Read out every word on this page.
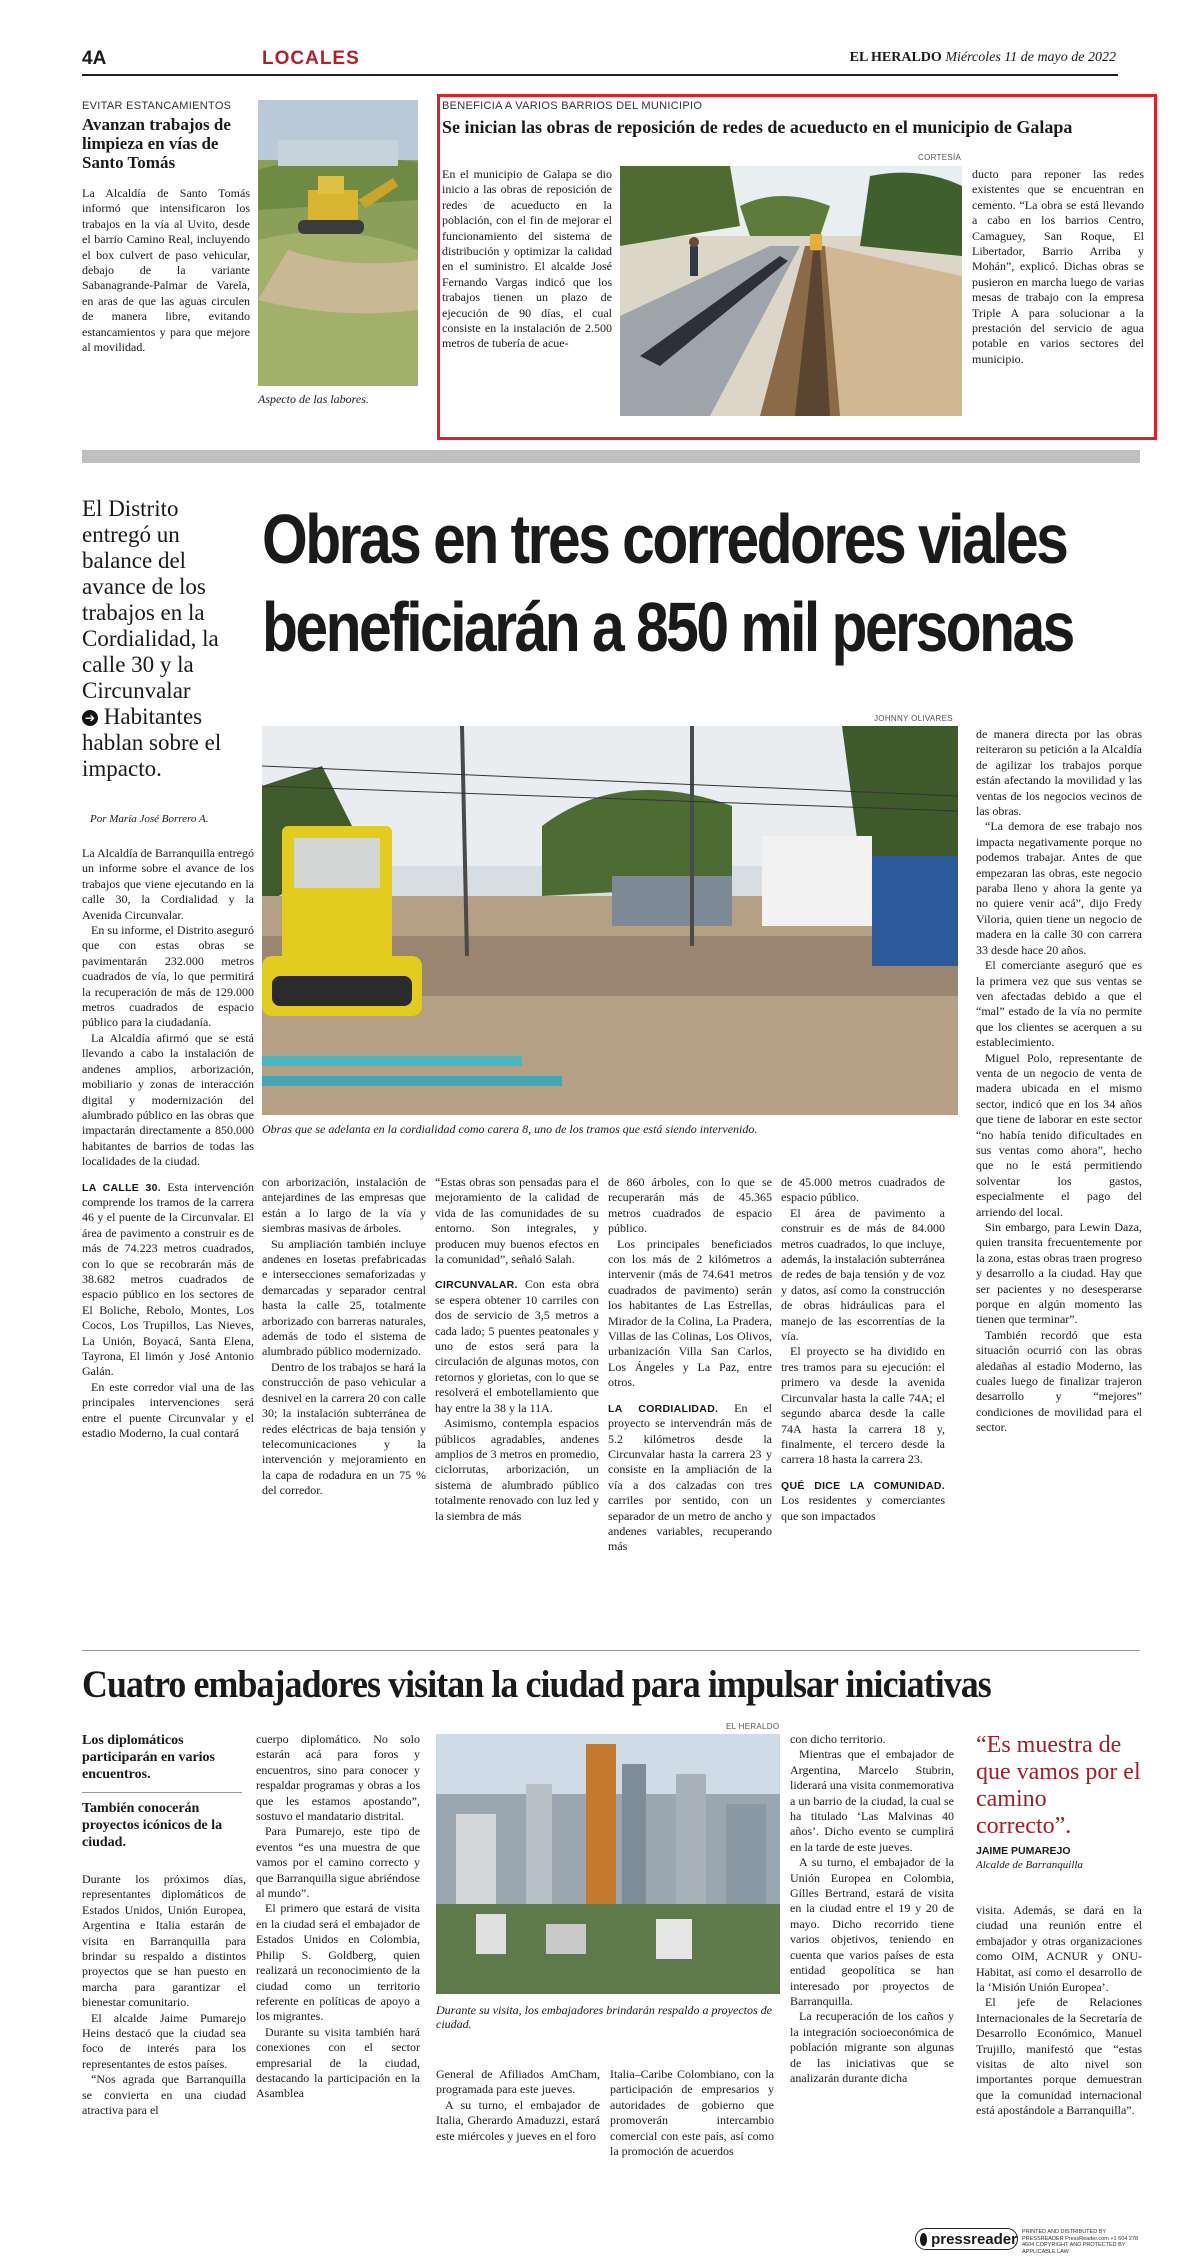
4A	LOCALES	EL HERALDO Miércoles 11 de mayo de 2022
EVITAR ESTANCAMIENTOS
Avanzan trabajos de limpieza en vías de Santo Tomás

La Alcaldía de Santo Tomás informó que intensificaron los trabajos en la vía al Uvito, desde el barrio Camino Real, incluyendo el box culvert de paso vehicular, debajo de la variante Sabanagrande-Palmar de Varela, en aras de que las aguas circulen de manera libre, evitando estancamientos y para que mejore al movilidad.

Aspecto de las labores.
BENEFICIA A VARIOS BARRIOS DEL MUNICIPIO
Se inician las obras de reposición de redes de acueducto en el municipio de Galapa
CORTESÍA

En el municipio de Galapa se dio inicio a las obras de reposición de redes de acueducto en la población, con el fin de mejorar el funcionamiento del sistema de distribución y optimizar la calidad en el suministro. El alcalde José Fernando Vargas indicó que los trabajos tienen un plazo de ejecución de 90 días, el cual consiste en la instalación de 2.500 metros de tubería de acue-

ducto para reponer las redes existentes que se encuentran en cemento. “La obra se está llevando a cabo en los barrios Centro, Camaguey, San Roque, El Libertador, Barrio Arriba y Mohán”, explicó. Dichas obras se pusieron en marcha luego de varias mesas de trabajo con la empresa Triple A para solucionar a la prestación del servicio de agua potable en varios sectores del municipio.

El Distrito entregó un balance del avance de los trabajos en la Cordialidad, la calle 30 y la Circunvalar
➔ Habitantes hablan sobre el impacto.
Obras en tres corredores viales
beneficiarán a 850 mil personas
Por María José Borrero A.
JOHNNY OLIVARES
Obras que se adelanta en la cordialidad como carera 8, uno de los tramos que está siendo intervenido.

La Alcaldía de Barranquilla entregó un informe sobre el avance de los trabajos que viene ejecutando en la calle 30, la Cordialidad y la Avenida Circunvalar.

En su informe, el Distrito aseguró que con estas obras se pavimentarán 232.000 metros cuadrados de vía, lo que permitirá la recuperación de más de 129.000 metros cuadrados de espacio público para la ciudadanía.

La Alcaldía afirmó que se está llevando a cabo la instalación de andenes amplios, arborización, mobiliario y zonas de interacción digital y modernización del alumbrado público en las obras que impactarán directamente a 850.000 habitantes de barrios de todas las localidades de la ciudad.

LA CALLE 30. Esta intervención comprende los tramos de la carrera 46 y el puente de la Circunvalar. El área de pavimento a construir es de más de 74.223 metros cuadrados, con lo que se recobrarán más de 38.682 metros cuadrados de espacio público en los sectores de El Boliche, Rebolo, Montes, Los Cocos, Los Trupillos, Las Nieves, La Unión, Boyacá, Santa Elena, Tayrona, El limón y José Antonio Galán.

En este corredor vial una de las principales intervenciones será entre el puente Circunvalar y el estadio Moderno, la cual contará

con arborización, instalación de antejardines de las empresas que están a lo largo de la vía y siembras masivas de árboles.

Su ampliación también incluye andenes en losetas prefabricadas e intersecciones semaforizadas y demarcadas y separador central hasta la calle 25, totalmente arborizado con barreras naturales, además de todo el sistema de alumbrado público modernizado.

Dentro de los trabajos se hará la construcción de paso vehicular a desnivel en la carrera 20 con calle 30; la instalación subterránea de redes eléctricas de baja tensión y telecomunicaciones y la intervención y mejoramiento en la capa de rodadura en un 75 % del corredor.

“Estas obras son pensadas para el mejoramiento de la calidad de vida de las comunidades de su entorno. Son integrales, y producen muy buenos efectos en la comunidad”, señaló Salah.

CIRCUNVALAR. Con esta obra se espera obtener 10 carriles con dos de servicio de 3,5 metros a cada lado; 5 puentes peatonales y uno de estos será para la circulación de algunas motos, con retornos y glorietas, con lo que se resolverá el embotellamiento que hay entre la 38 y la 11A.

Asimismo, contempla espacios públicos agradables, andenes amplios de 3 metros en promedio, ciclorrutas, arborización, un sistema de alumbrado público totalmente renovado con luz led y la siembra de más

de 860 árboles, con lo que se recuperarán más de 45.365 metros cuadrados de espacio público.

Los principales beneficiados con los más de 2 kilómetros a intervenir (más de 74.641 metros cuadrados de pavimento) serán los habitantes de Las Estrellas, Mirador de la Colina, La Pradera, Villas de las Colinas, Los Olivos, urbanización Villa San Carlos, Los Ángeles y La Paz, entre otros.

LA CORDIALIDAD. En el proyecto se intervendrán más de 5.2 kilómetros desde la Circunvalar hasta la carrera 23 y consiste en la ampliación de la vía a dos calzadas con tres carriles por sentido, con un separador de un metro de ancho y andenes variables, recuperando más

de 45.000 metros cuadrados de espacio público.

El área de pavimento a construir es de más de 84.000 metros cuadrados, lo que incluye, además, la instalación subterránea de redes de baja tensión y de voz y datos, así como la construcción de obras hidráulicas para el manejo de las escorrentías de la vía.

El proyecto se ha dividido en tres tramos para su ejecución: el primero va desde la avenida Circunvalar hasta la calle 74A; el segundo abarca desde la calle 74A hasta la carrera 18 y, finalmente, el tercero desde la carrera 18 hasta la carrera 23.

QUÉ DICE LA COMUNIDAD. Los residentes y comerciantes que son impactados

de manera directa por las obras reiteraron su petición a la Alcaldía de agilizar los trabajos porque están afectando la movilidad y las ventas de los negocios vecinos de las obras.

“La demora de ese trabajo nos impacta negativamente porque no podemos trabajar. Antes de que empezaran las obras, este negocio paraba lleno y ahora la gente ya no quiere venir acá”, dijo Fredy Viloria, quien tiene un negocio de madera en la calle 30 con carrera 33 desde hace 20 años.

El comerciante aseguró que es la primera vez que sus ventas se ven afectadas debido a que el “mal” estado de la vía no permite que los clientes se acerquen a su establecimiento.

Miguel Polo, representante de venta de un negocio de venta de madera ubicada en el mismo sector, indicó que en los 34 años que tiene de laborar en este sector “no había tenido dificultades en sus ventas como ahora”, hecho que no le está permitiendo solventar los gastos, especialmente el pago del arriendo del local.

Sin embargo, para Lewin Daza, quien transita frecuentemente por la zona, estas obras traen progreso y desarrollo a la ciudad. Hay que ser pacientes y no desesperarse porque en algún momento las tienen que terminar”.

También recordó que esta situación ocurrió con las obras aledañas al estadio Moderno, las cuales luego de finalizar trajeron desarrollo y “mejores” condiciones de movilidad para el sector.

Cuatro embajadores visitan la ciudad para impulsar iniciativas
Los diplomáticos participarán en varios encuentros.
También conocerán proyectos icónicos de la ciudad.

Durante los próximos días, representantes diplomáticos de Estados Unidos, Unión Europea, Argentina e Italia estarán de visita en Barranquilla para brindar su respaldo a distintos proyectos que se han puesto en marcha para garantizar el bienestar comunitario.

El alcalde Jaime Pumarejo Heins destacó que la ciudad sea foco de interés para los representantes de estos países.

“Nos agrada que Barranquilla se convierta en una ciudad atractiva para el

cuerpo diplomático. No solo estarán acá para foros y encuentros, sino para conocer y respaldar programas y obras a los que les estamos apostando”, sostuvo el mandatario distrital.

Para Pumarejo, este tipo de eventos “es una muestra de que vamos por el camino correcto y que Barranquilla sigue abriéndose al mundo”.

El primero que estará de visita en la ciudad será el embajador de Estados Unidos en Colombia, Philip S. Goldberg, quien realizará un reconocimiento de la ciudad como un territorio referente en políticas de apoyo a los migrantes.

Durante su visita también hará conexiones con el sector empresarial de la ciudad, destacando la participación en la Asamblea

EL HERALDO
Durante su visita, los embajadores brindarán respaldo a proyectos de ciudad.

General de Afiliados AmCham, programada para este jueves.

A su turno, el embajador de Italia, Gherardo Amaduzzi, estará este miércoles y jueves en el foro

Italia–Caribe Colombiano, con la participación de empresarios y autoridades de gobierno que promoverán intercambio comercial con este país, así como la promoción de acuerdos

con dicho territorio.

Mientras que el embajador de Argentina, Marcelo Stubrin, liderará una visita conmemorativa a un barrio de la ciudad, la cual se ha titulado ‘Las Malvinas 40 años’. Dicho evento se cumplirá en la tarde de este jueves.

A su turno, el embajador de la Unión Europea en Colombia, Gilles Bertrand, estará de visita en la ciudad entre el 19 y 20 de mayo. Dicho recorrido tiene varios objetivos, teniendo en cuenta que varios países de esta entidad geopolítica se han interesado por proyectos de Barranquilla.

La recuperación de los caños y la integración socioeconómica de población migrante son algunas de las iniciativas que se analizarán durante dicha

“Es muestra de que vamos por el camino correcto”.
JAIME PUMAREJO
Alcalde de Barranquilla

visita. Además, se dará en la ciudad una reunión entre el embajador y otras organizaciones como OIM, ACNUR y ONU-Habitat, así como el desarrollo de la ‘Misión Unión Europea’.

El jefe de Relaciones Internacionales de la Secretaría de Desarrollo Económico, Manuel Trujillo, manifestó que “estas visitas de alto nivel son importantes porque demuestran que la comunidad internacional está apostándole a Barranquilla”.

pressreader PRINTED AND DISTRIBUTED BY PRESSREADER PressReader.com +1 604 278 4604 COPYRIGHT AND PROTECTED BY APPLICABLE LAW
